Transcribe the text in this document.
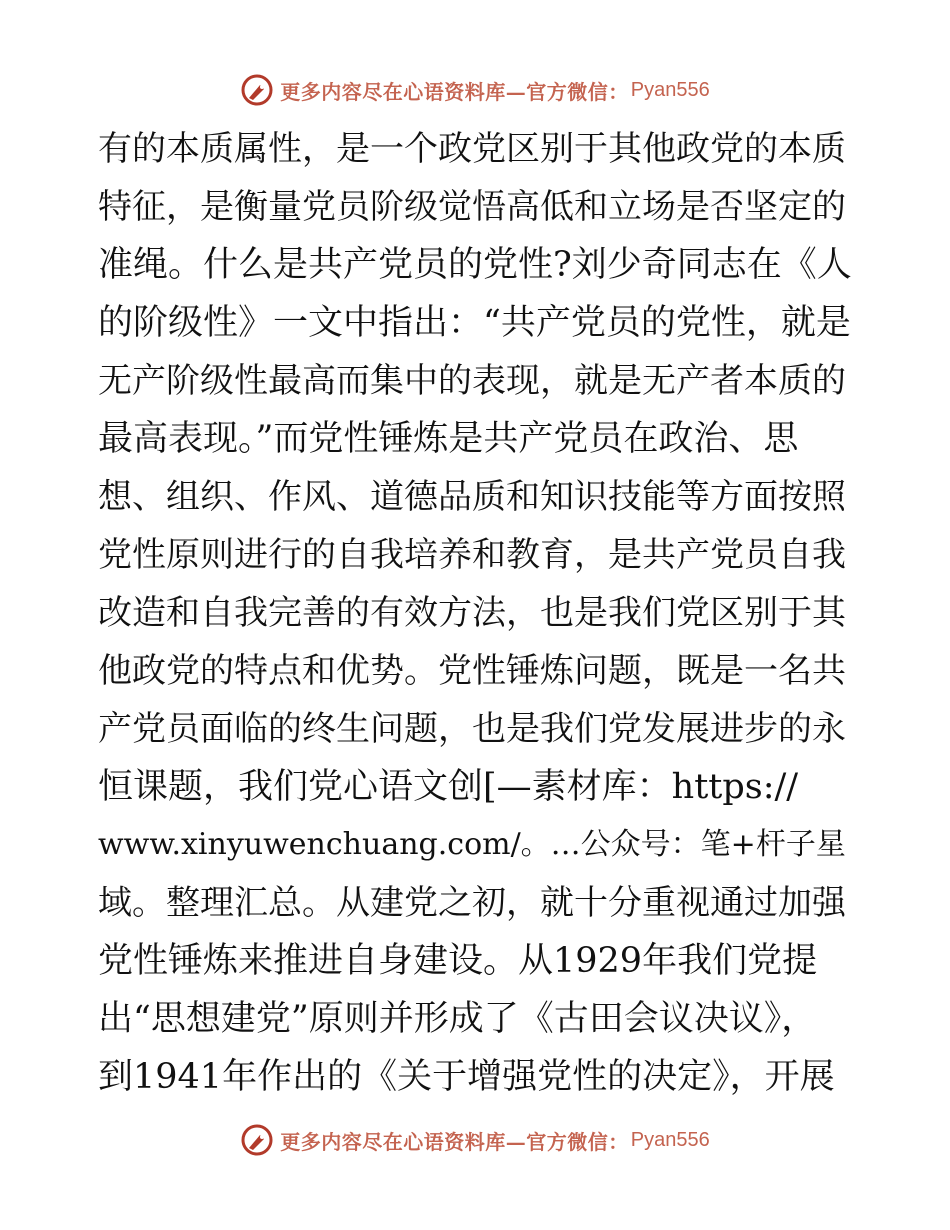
更多内容尽在心语资料库—官方微信： Pyan556
有的本质属性，是一个政党区别于其他政党的本质
特征，是衡量党员阶级觉悟高低和立场是否坚定的
准绳。什么是共产党员的党性?刘少奇同志在《人
的阶级性》一文中指出：“共产党员的党性，就是
无产阶级性最高而集中的表现，就是无产者本质的
最高表现。”而党性锤炼是共产党员在政治、思
想、组织、作风、道德品质和知识技能等方面按照
党性原则进行的自我培养和教育，是共产党员自我
改造和自我完善的有效方法，也是我们党区别于其
他政党的特点和优势。党性锤炼问题，既是一名共
产党员面临的终生问题，也是我们党发展进步的永
恒课题，我们党心语文创[—素材库：https://
www.xinyuwenchuang.com/。…公众号：笔+杆子星
域。整理汇总。从建党之初，就十分重视通过加强
党性锤炼来推进自身建设。从1929年我们党提
出“思想建党”原则并形成了《古田会议决议》，
到1941年作出的《关于增强党性的决定》，开展
更多内容尽在心语资料库—官方微信： Pyan556
